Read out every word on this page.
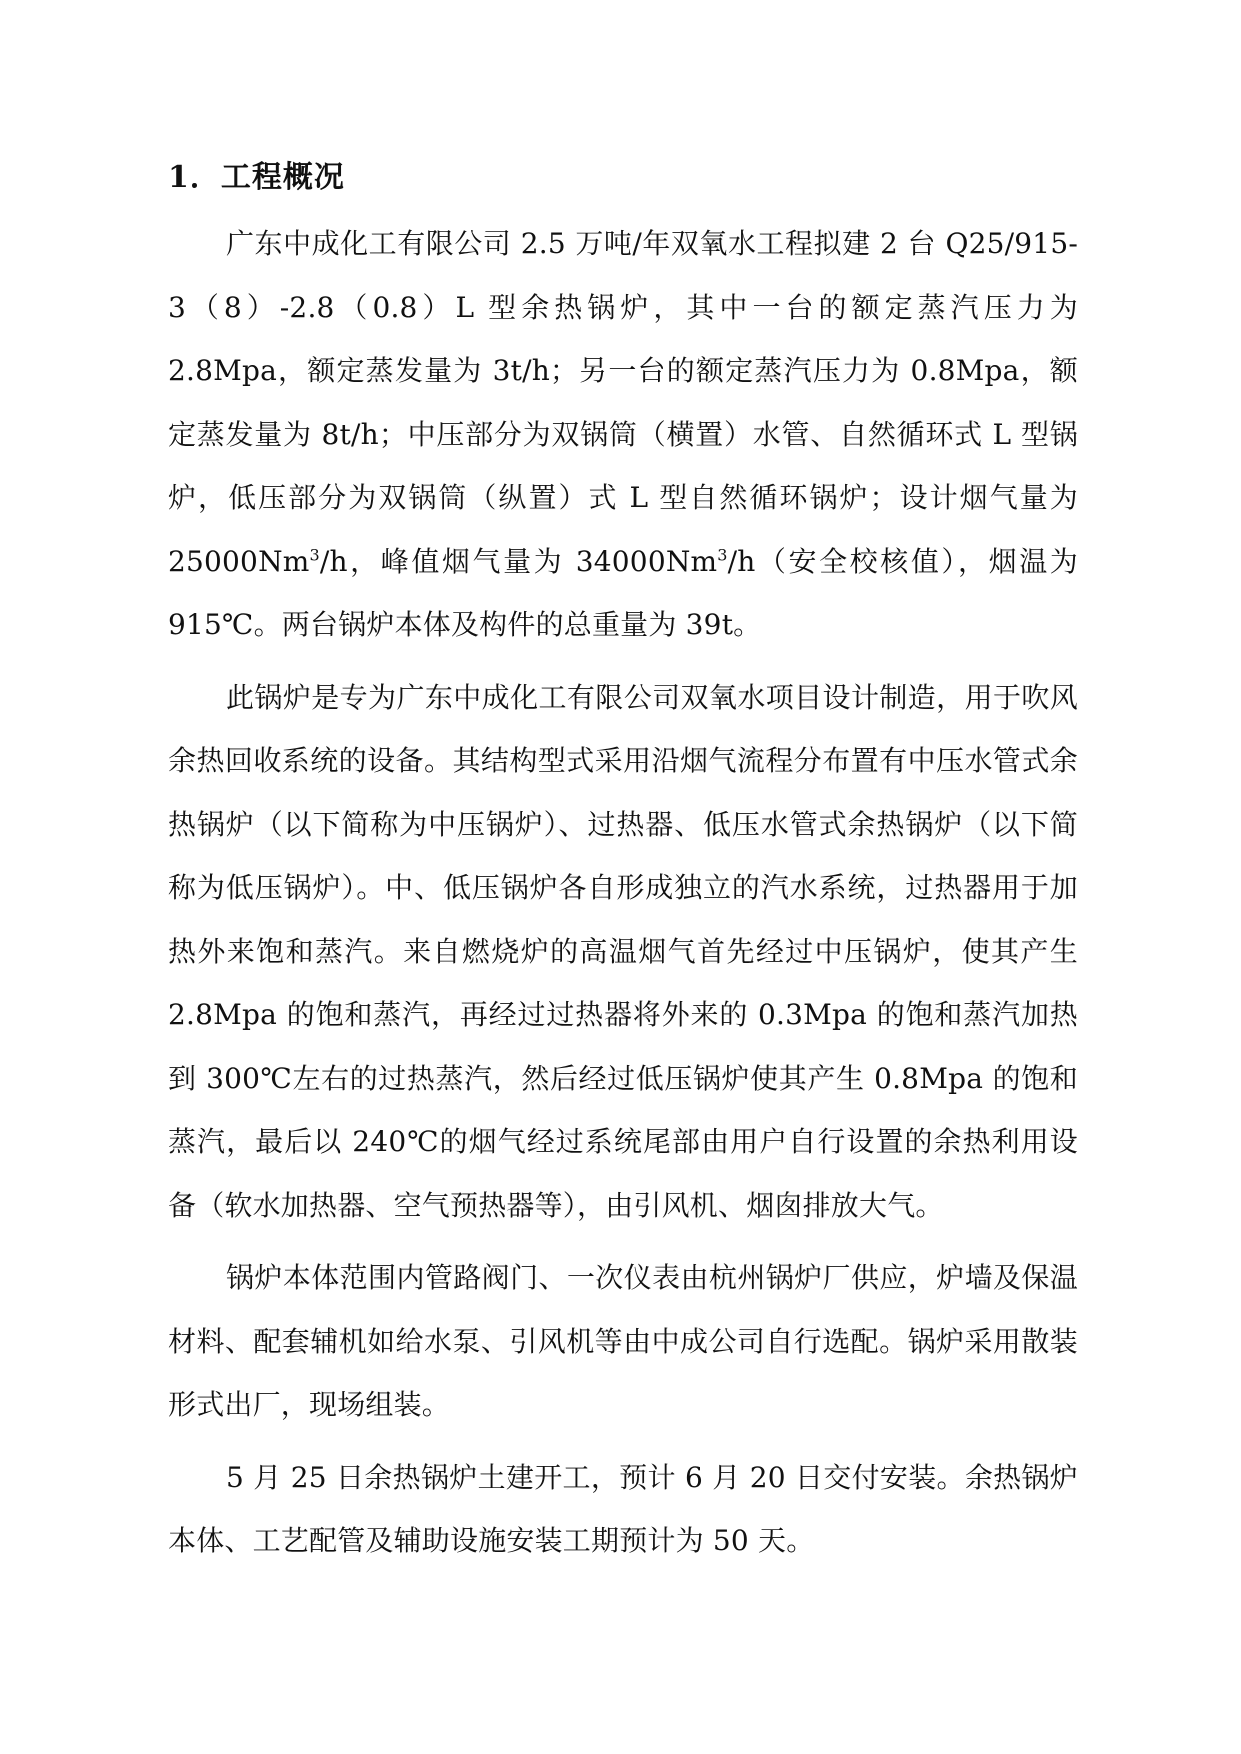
1．工程概况

广东中成化工有限公司 2.5 万吨/年双氧水工程拟建 2 台 Q25/915-3（8）-2.8（0.8）L 型余热锅炉，其中一台的额定蒸汽压力为 2.8Mpa，额定蒸发量为 3t/h；另一台的额定蒸汽压力为 0.8Mpa，额定蒸发量为 8t/h；中压部分为双锅筒（横置）水管、自然循环式 L 型锅炉，低压部分为双锅筒（纵置）式 L 型自然循环锅炉；设计烟气量为 25000Nm$^3$/h，峰值烟气量为 34000Nm$^3$/h（安全校核值），烟温为 915℃。两台锅炉本体及构件的总重量为 39t。

此锅炉是专为广东中成化工有限公司双氧水项目设计制造，用于吹风余热回收系统的设备。其结构型式采用沿烟气流程分布置有中压水管式余热锅炉（以下简称为中压锅炉）、过热器、低压水管式余热锅炉（以下简称为低压锅炉）。中、低压锅炉各自形成独立的汽水系统，过热器用于加热外来饱和蒸汽。来自燃烧炉的高温烟气首先经过中压锅炉，使其产生 2.8Mpa 的饱和蒸汽，再经过过热器将外来的 0.3Mpa 的饱和蒸汽加热到 300℃左右的过热蒸汽，然后经过低压锅炉使其产生 0.8Mpa 的饱和蒸汽，最后以 240℃的烟气经过系统尾部由用户自行设置的余热利用设备（软水加热器、空气预热器等），由引风机、烟囱排放大气。

锅炉本体范围内管路阀门、一次仪表由杭州锅炉厂供应，炉墙及保温材料、配套辅机如给水泵、引风机等由中成公司自行选配。锅炉采用散装形式出厂，现场组装。

5 月 25 日余热锅炉土建开工，预计 6 月 20 日交付安装。余热锅炉本体、工艺配管及辅助设施安装工期预计为 50 天。
